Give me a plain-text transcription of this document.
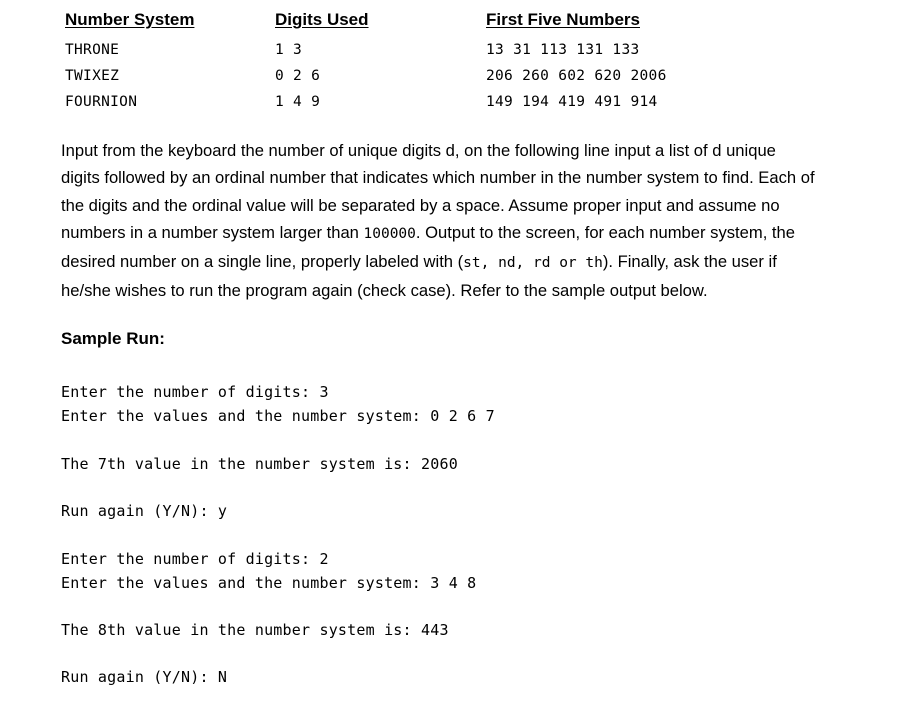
Number System	Digits Used	First Five Numbers
THRONE	1 3	13 31 113 131 133
TWIXEZ	0 2 6	206 260 602 620 2006
FOURNION	1 4 9	149 194 419 491 914
Input from the keyboard the number of unique digits d, on the following line input a list of d unique
digits followed by an ordinal number that indicates which number in the number system to find. Each of
the digits and the ordinal value will be separated by a space. Assume proper input and assume no
numbers in a number system larger than 100000. Output to the screen, for each number system, the
desired number on a single line, properly labeled with (st, nd, rd or th). Finally, ask the user if
he/she wishes to run the program again (check case). Refer to the sample output below.
Sample Run:
Enter the number of digits: 3
Enter the values and the number system: 0 2 6 7
The 7th value in the number system is: 2060
Run again (Y/N): y
Enter the number of digits: 2
Enter the values and the number system: 3 4 8
The 8th value in the number system is: 443
Run again (Y/N): N
